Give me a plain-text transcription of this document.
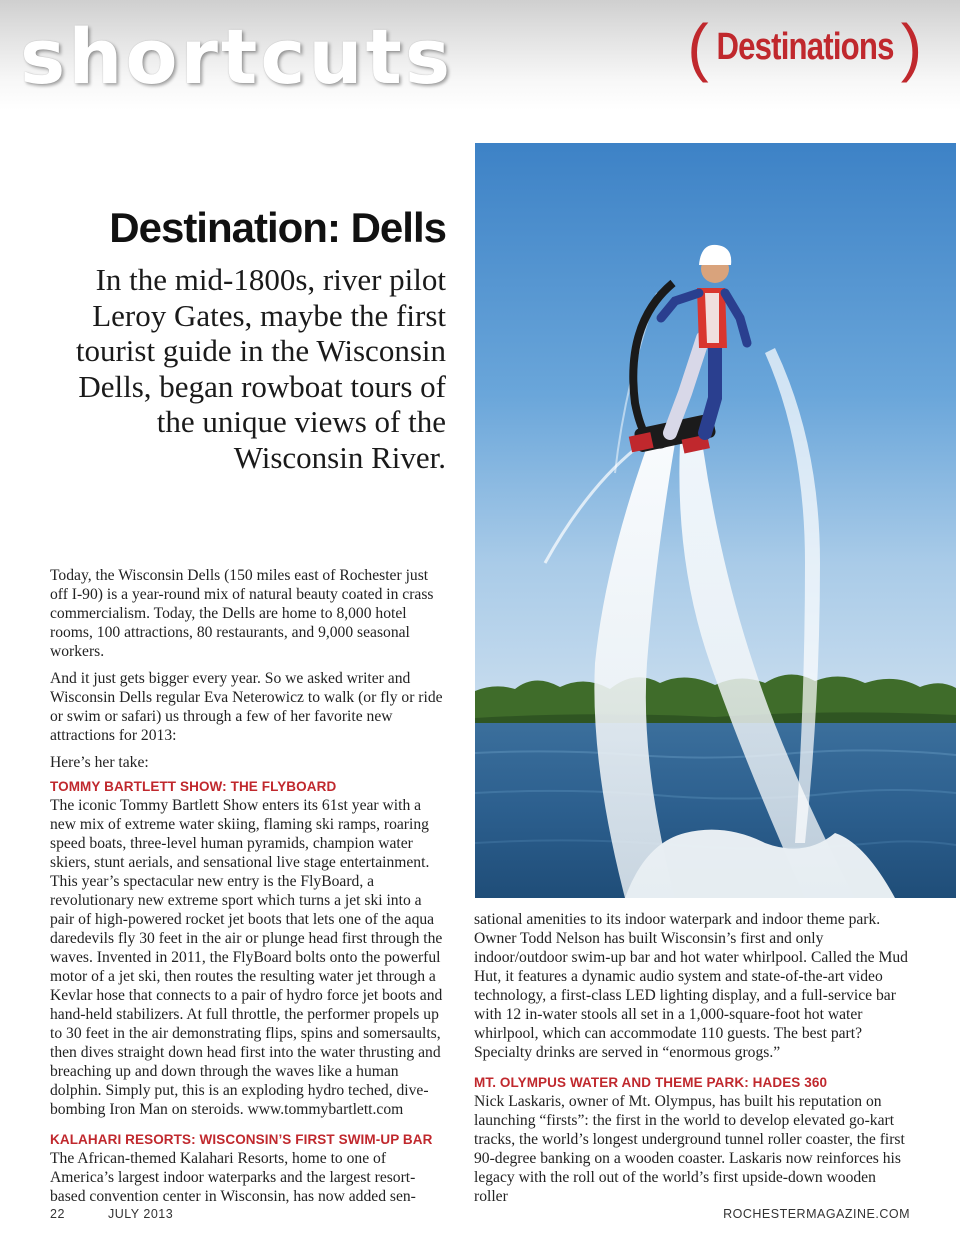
shortcuts	( Destinations )
Destination: Dells

In the mid-1800s, river pilot Leroy Gates, maybe the first tourist guide in the Wisconsin Dells, began rowboat tours of the unique views of the Wisconsin River.

Today, the Wisconsin Dells (150 miles east of Rochester just off I-90) is a year-round mix of natural beauty coated in crass commercialism. Today, the Dells are home to 8,000 hotel rooms, 100 attractions, 80 restaurants, and 9,000 seasonal workers.

And it just gets bigger every year. So we asked writer and Wisconsin Dells regular Eva Neterowicz to walk (or fly or ride or swim or safari) us through a few of her favorite new attractions for 2013:

Here’s her take:

TOMMY BARTLETT SHOW: THE FLYBOARD

The iconic Tommy Bartlett Show enters its 61st year with a new mix of extreme water skiing, flaming ski ramps, roaring speed boats, three-level human pyramids, champion water skiers, stunt aerials, and sensational live stage entertainment. This year’s spectacular new entry is the FlyBoard, a revolutionary new extreme sport which turns a jet ski into a pair of high-powered rocket jet boots that lets one of the aqua daredevils fly 30 feet in the air or plunge head first through the waves. Invented in 2011, the FlyBoard bolts onto the powerful motor of a jet ski, then routes the resulting water jet through a Kevlar hose that connects to a pair of hydro force jet boots and hand-held stabilizers. At full throttle, the performer propels up to 30 feet in the air demonstrating flips, spins and somersaults, then dives straight down head first into the water thrusting and breaching up and down through the waves like a human dolphin. Simply put, this is an exploding hydro teched, dive-bombing Iron Man on steroids. www.tommybartlett.com

KALAHARI RESORTS: WISCONSIN’S FIRST SWIM-UP BAR

The African-themed Kalahari Resorts, home to one of America’s largest indoor waterparks and the largest resort-based convention center in Wisconsin, has now added sen-

sational amenities to its indoor waterpark and indoor theme park. Owner Todd Nelson has built Wisconsin’s first and only indoor/outdoor swim-up bar and hot water whirlpool. Called the Mud Hut, it features a dynamic audio system and state-of-the-art video technology, a first-class LED lighting display, and a full-service bar with 12 in-water stools all set in a 1,000-square-foot hot water whirlpool, which can accommodate 110 guests. The best part? Specialty drinks are served in “enormous grogs.”

MT. OLYMPUS WATER AND THEME PARK: HADES 360

Nick Laskaris, owner of Mt. Olympus, has built his reputation on launching “firsts”: the first in the world to develop elevated go-kart tracks, the world’s longest underground tunnel roller coaster, the first 90-degree banking on a wooden coaster. Laskaris now reinforces his legacy with the roll out of the world’s first upside-down wooden roller

22	JULY 2013	ROCHESTERMAGAZINE.COM
